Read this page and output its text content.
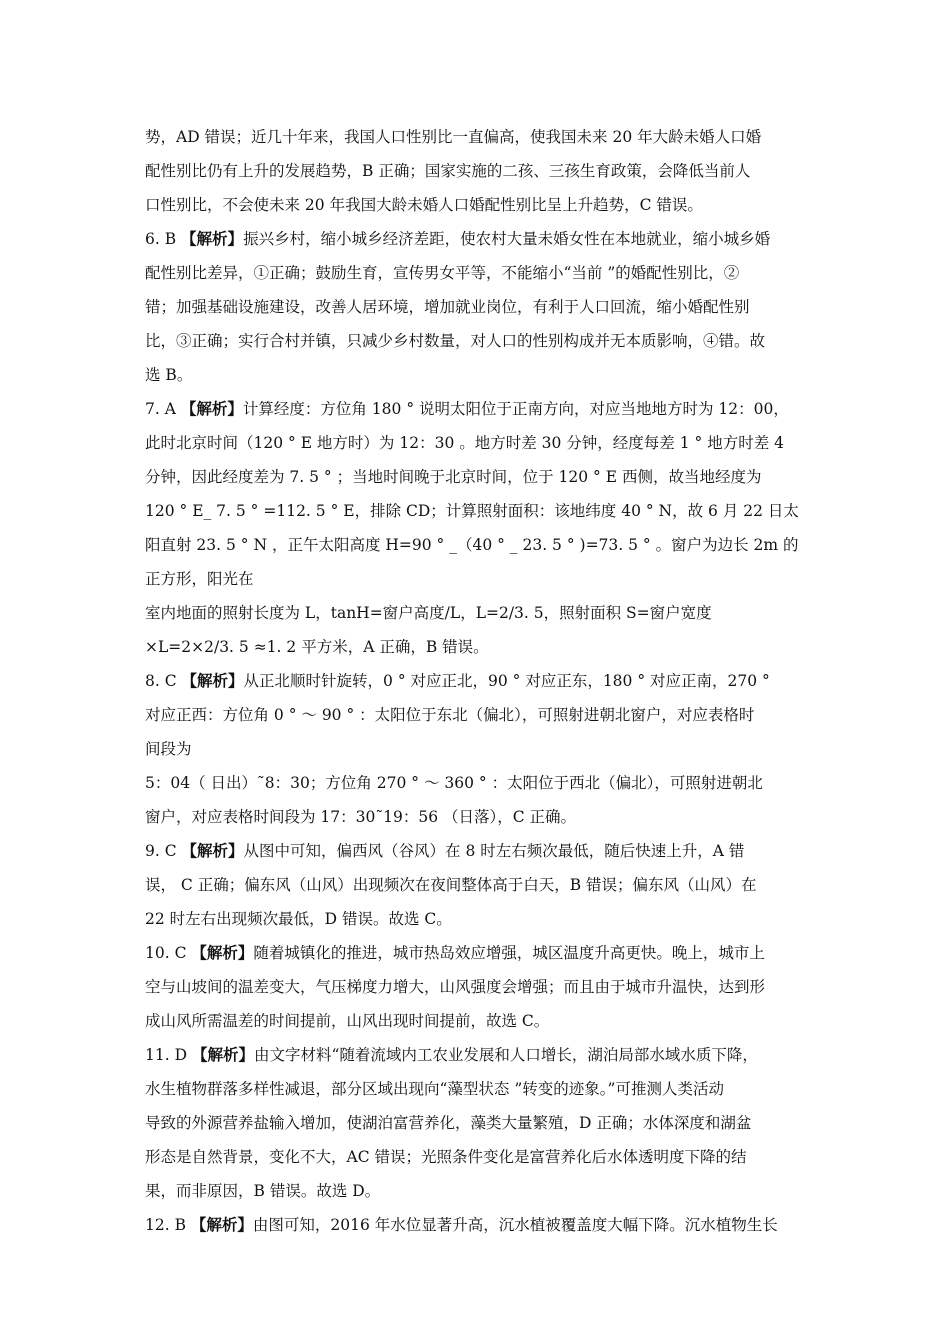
势，AD 错误；近几十年来，我国人口性别比一直偏高，使我国未来 20 年大龄未婚人口婚
配性别比仍有上升的发展趋势，B 正确；国家实施的二孩、三孩生育政策，会降低当前人
口性别比，不会使未来 20 年我国大龄未婚人口婚配性别比呈上升趋势，C 错误。
6. B 【解析】振兴乡村，缩小城乡经济差距，使农村大量未婚女性在本地就业，缩小城乡婚
配性别比差异，①正确；鼓励生育，宣传男女平等，不能缩小“当前 ”的婚配性别比，②
错；加强基础设施建设，改善人居环境，增加就业岗位，有利于人口回流，缩小婚配性别
比，③正确；实行合村并镇，只减少乡村数量，对人口的性别构成并无本质影响，④错。故
选 B。
7. A 【解析】计算经度：方位角 180 ° 说明太阳位于正南方向，对应当地地方时为 12：00，
此时北京时间（120 ° E 地方时）为 12：30 。地方时差 30 分钟，经度每差 1 ° 地方时差 4
分钟，因此经度差为 7. 5 ° ；当地时间晚于北京时间，位于 120 ° E 西侧，故当地经度为
120 ° E_ 7. 5 ° =112. 5 ° E，排除 CD；计算照射面积：该地纬度 40 ° N，故 6 月 22 日太
阳直射 23. 5 ° N ，正午太阳高度 H=90 ° _（40 ° _ 23. 5 ° )=73. 5 ° 。窗户为边长 2m 的
正方形，阳光在
室内地面的照射长度为 L，tanH=窗户高度/L，L=2/3. 5，照射面积 S=窗户宽度
×L=2×2/3. 5 ≈1. 2 平方米，A 正确，B 错误。
8. C 【解析】从正北顺时针旋转，0 ° 对应正北，90 ° 对应正东，180 ° 对应正南，270 °
对应正西：方位角 0 ° ～ 90 ° ：太阳位于东北（偏北），可照射进朝北窗户，对应表格时
间段为
5：04（ 日出）˜8：30；方位角 270 ° ～ 360 ° ：太阳位于西北（偏北），可照射进朝北
窗户，对应表格时间段为 17：30˜19：56 （日落），C 正确。
9. C 【解析】从图中可知，偏西风（谷风）在 8 时左右频次最低，随后快速上升，A 错
误， C 正确；偏东风（山风）出现频次在夜间整体高于白天，B 错误；偏东风（山风）在
22 时左右出现频次最低，D 错误。故选 C。
10. C 【解析】随着城镇化的推进，城市热岛效应增强，城区温度升高更快。晚上，城市上
空与山坡间的温差变大，气压梯度力增大，山风强度会增强；而且由于城市升温快，达到形
成山风所需温差的时间提前，山风出现时间提前，故选 C。
11. D 【解析】由文字材料“随着流域内工农业发展和人口增长，湖泊局部水域水质下降，
水生植物群落多样性减退，部分区域出现向“藻型状态 ”转变的迹象。”可推测人类活动
导致的外源营养盐输入增加，使湖泊富营养化，藻类大量繁殖，D 正确；水体深度和湖盆
形态是自然背景，变化不大，AC 错误；光照条件变化是富营养化后水体透明度下降的结
果，而非原因，B 错误。故选 D。
12. B 【解析】由图可知，2016 年水位显著升高，沉水植被覆盖度大幅下降。沉水植物生长
